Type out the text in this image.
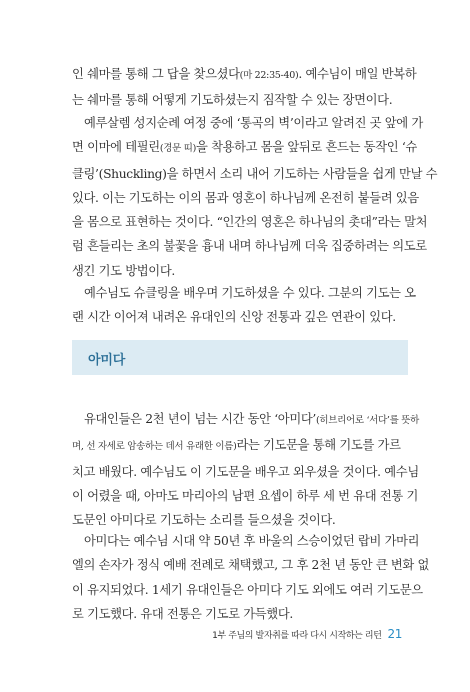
인 쉐마를 통해 그 답을 찾으셨다(마 22:35-40). 예수님이 매일 반복하
는 쉐마를 통해 어떻게 기도하셨는지 짐작할 수 있는 장면이다.

예루살렘 성지순례 여정 중에 ‘통곡의 벽’이라고 알려진 곳 앞에 가
면 이마에 테필린(경문 띠)을 착용하고 몸을 앞뒤로 흔드는 동작인 ‘슈
클링’(Shuckling)을 하면서 소리 내어 기도하는 사람들을 쉽게 만날 수
있다. 이는 기도하는 이의 몸과 영혼이 하나님께 온전히 붙들려 있음
을 몸으로 표현하는 것이다. “인간의 영혼은 하나님의 촛대”라는 말처
럼 흔들리는 초의 불꽃을 흉내 내며 하나님께 더욱 집중하려는 의도로
생긴 기도 방법이다.

예수님도 슈클링을 배우며 기도하셨을 수 있다. 그분의 기도는 오
랜 시간 이어져 내려온 유대인의 신앙 전통과 깊은 연관이 있다.

아미다

유대인들은 2천 년이 넘는 시간 동안 ‘아미다’(히브리어로 ‘서다’를 뜻하
며, 선 자세로 암송하는 데서 유래한 이름)라는 기도문을 통해 기도를 가르
치고 배웠다. 예수님도 이 기도문을 배우고 외우셨을 것이다. 예수님
이 어렸을 때, 아마도 마리아의 남편 요셉이 하루 세 번 유대 전통 기
도문인 아미다로 기도하는 소리를 들으셨을 것이다.

아미다는 예수님 시대 약 50년 후 바울의 스승이었던 랍비 가마리
엘의 손자가 정식 예배 전례로 채택했고, 그 후 2천 년 동안 큰 변화 없
이 유지되었다. 1세기 유대인들은 아미다 기도 외에도 여러 기도문으
로 기도했다. 유대 전통은 기도로 가득했다.

1부 주님의 발자취를 따라 다시 시작하는 리턴 21
